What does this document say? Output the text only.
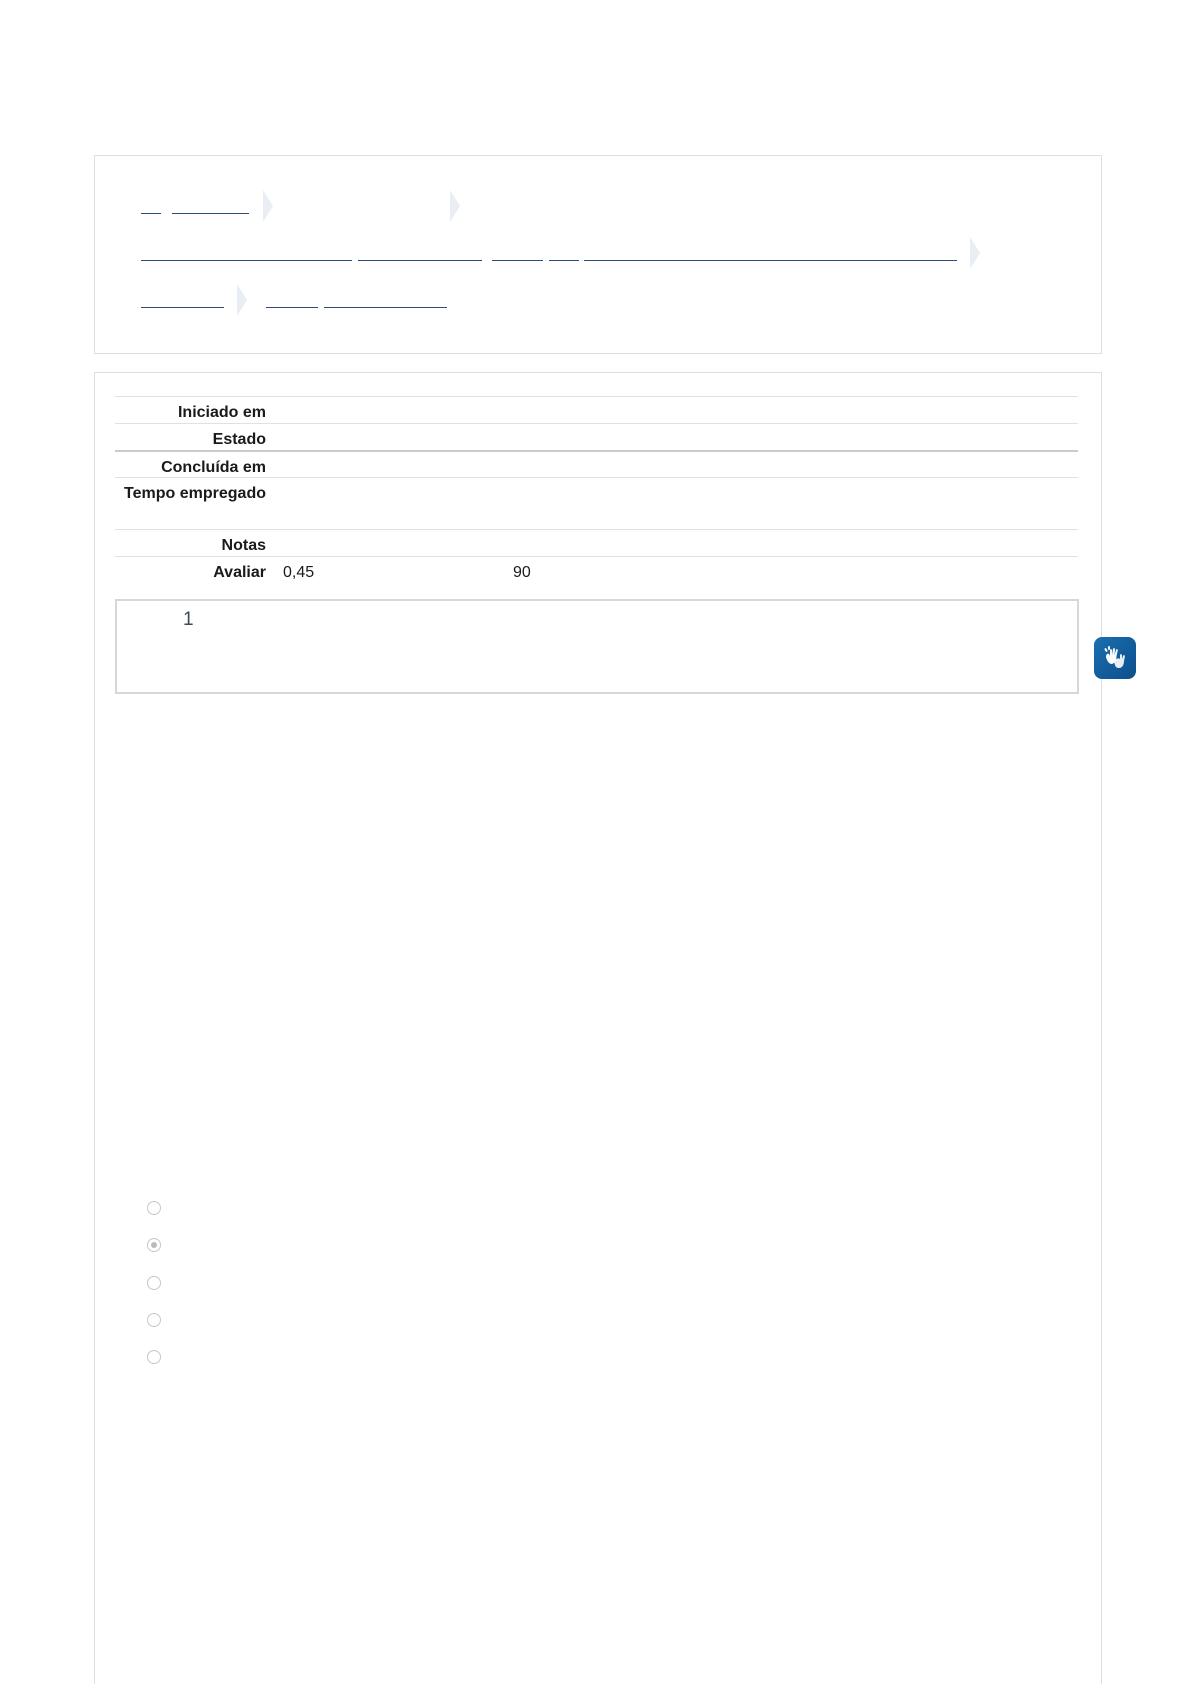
Iniciado em
Estado
Concluída em
Tempo empregado
Notas
Avaliar 0,45	90
1
